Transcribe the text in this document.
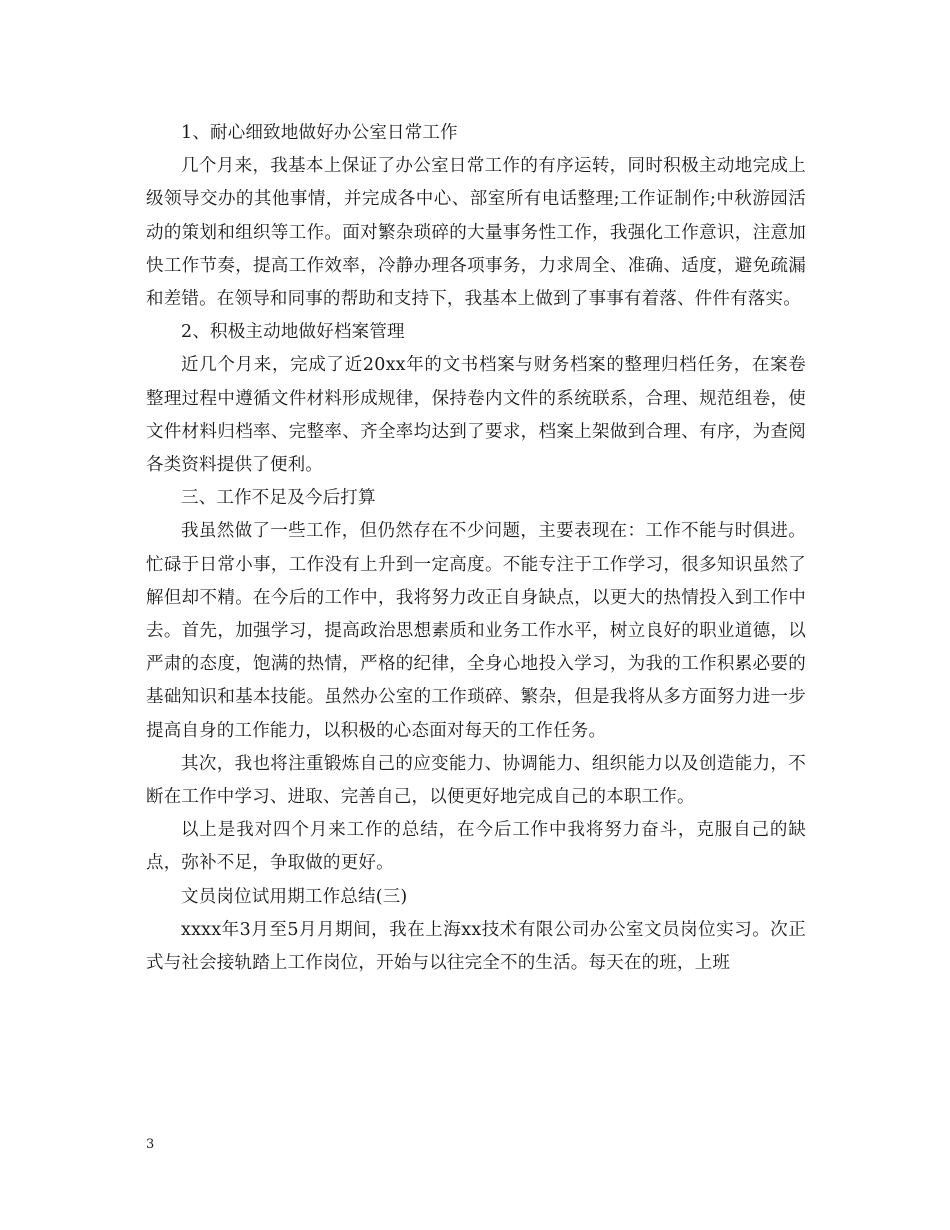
1、耐心细致地做好办公室日常工作

几个月来，我基本上保证了办公室日常工作的有序运转，同时积极主动地完成上级领导交办的其他事情，并完成各中心、部室所有电话整理;工作证制作;中秋游园活动的策划和组织等工作。面对繁杂琐碎的大量事务性工作，我强化工作意识，注意加快工作节奏，提高工作效率，冷静办理各项事务，力求周全、准确、适度，避免疏漏和差错。在领导和同事的帮助和支持下，我基本上做到了事事有着落、件件有落实。

2、积极主动地做好档案管理

近几个月来，完成了近20xx年的文书档案与财务档案的整理归档任务，在案卷整理过程中遵循文件材料形成规律，保持卷内文件的系统联系，合理、规范组卷，使文件材料归档率、完整率、齐全率均达到了要求，档案上架做到合理、有序，为查阅各类资料提供了便利。

三、工作不足及今后打算

我虽然做了一些工作，但仍然存在不少问题，主要表现在：工作不能与时俱进。忙碌于日常小事，工作没有上升到一定高度。不能专注于工作学习，很多知识虽然了解但却不精。在今后的工作中，我将努力改正自身缺点，以更大的热情投入到工作中去。首先，加强学习，提高政治思想素质和业务工作水平，树立良好的职业道德，以严肃的态度，饱满的热情，严格的纪律，全身心地投入学习，为我的工作积累必要的基础知识和基本技能。虽然办公室的工作琐碎、繁杂，但是我将从多方面努力进一步提高自身的工作能力，以积极的心态面对每天的工作任务。

其次，我也将注重锻炼自己的应变能力、协调能力、组织能力以及创造能力，不断在工作中学习、进取、完善自己，以便更好地完成自己的本职工作。

以上是我对四个月来工作的总结，在今后工作中我将努力奋斗，克服自己的缺点，弥补不足，争取做的更好。

文员岗位试用期工作总结(三)

xxxx年3月至5月月期间，我在上海xx技术有限公司办公室文员岗位实习。次正式与社会接轨踏上工作岗位，开始与以往完全不的生活。每天在的班，上班

3
